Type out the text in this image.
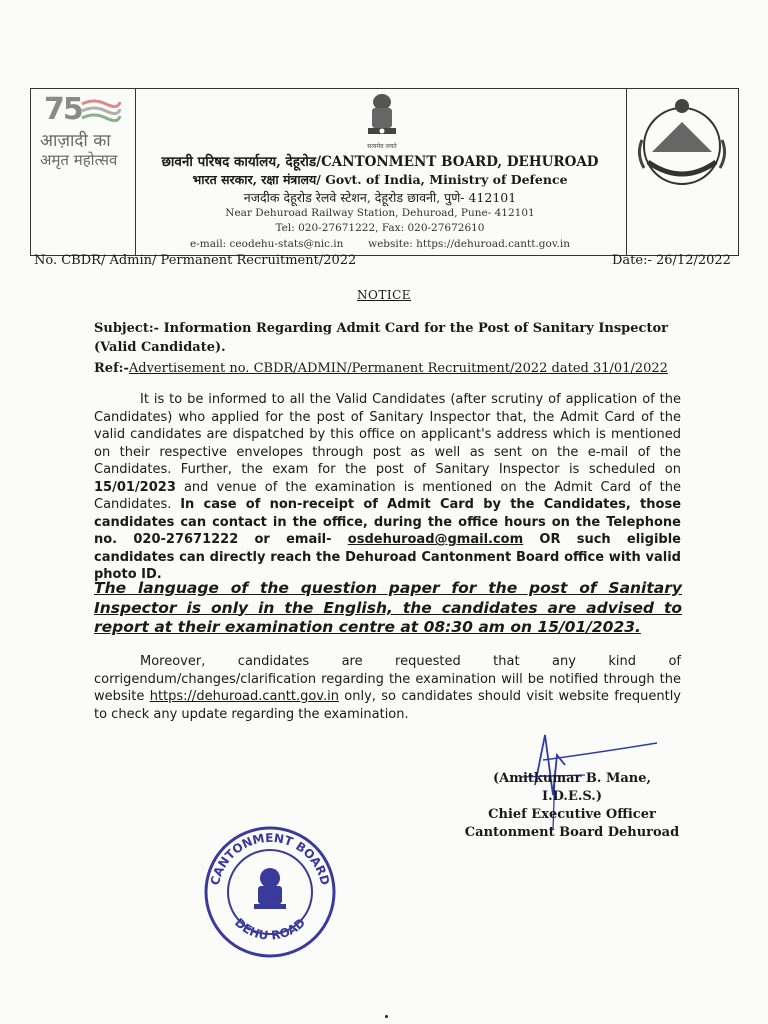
75
आज़ादी का
अमृत महोत्सव
सत्यमेव जयते
छावनी परिषद कार्यालय, देहूरोड/CANTONMENT BOARD, DEHUROAD
भारत सरकार, रक्षा मंत्रालय/ Govt. of India, Ministry of Defence
नजदीक देहूरोड रेलवे स्टेशन, देहूरोड छावनी, पुणे- 412101
Near Dehuroad Railway Station, Dehuroad, Pune- 412101
Tel: 020-27671222, Fax: 020-27672610
e-mail: ceodehu-stats@nic.in website: https://dehuroad.cantt.gov.in
No. CBDR/ Admin/ Permanent Recruitment/2022	Date:- 26/12/2022
NOTICE
Subject:- Information Regarding Admit Card for the Post of Sanitary Inspector (Valid Candidate).
Ref:-Advertisement no. CBDR/ADMIN/Permanent Recruitment/2022 dated 31/01/2022
It is to be informed to all the Valid Candidates (after scrutiny of application of the Candidates) who applied for the post of Sanitary Inspector that, the Admit Card of the valid candidates are dispatched by this office on applicant's address which is mentioned on their respective envelopes through post as well as sent on the e-mail of the Candidates. Further, the exam for the post of Sanitary Inspector is scheduled on 15/01/2023 and venue of the examination is mentioned on the Admit Card of the Candidates. In case of non-receipt of Admit Card by the Candidates, those candidates can contact in the office, during the office hours on the Telephone no. 020-27671222 or email- osdehuroad@gmail.com OR such eligible candidates can directly reach the Dehuroad Cantonment Board office with valid photo ID.
The language of the question paper for the post of Sanitary Inspector is only in the English, the candidates are advised to report at their examination centre at 08:30 am on 15/01/2023.
Moreover, candidates are requested that any kind of corrigendum/changes/clarification regarding the examination will be notified through the website https://dehuroad.cantt.gov.in only, so candidates should visit website frequently to check any update regarding the examination.
(Amitkumar B. Mane, I.D.E.S.)
Chief Executive Officer
Cantonment Board Dehuroad
CANTONMENT BOARD
DEHU ROAD
